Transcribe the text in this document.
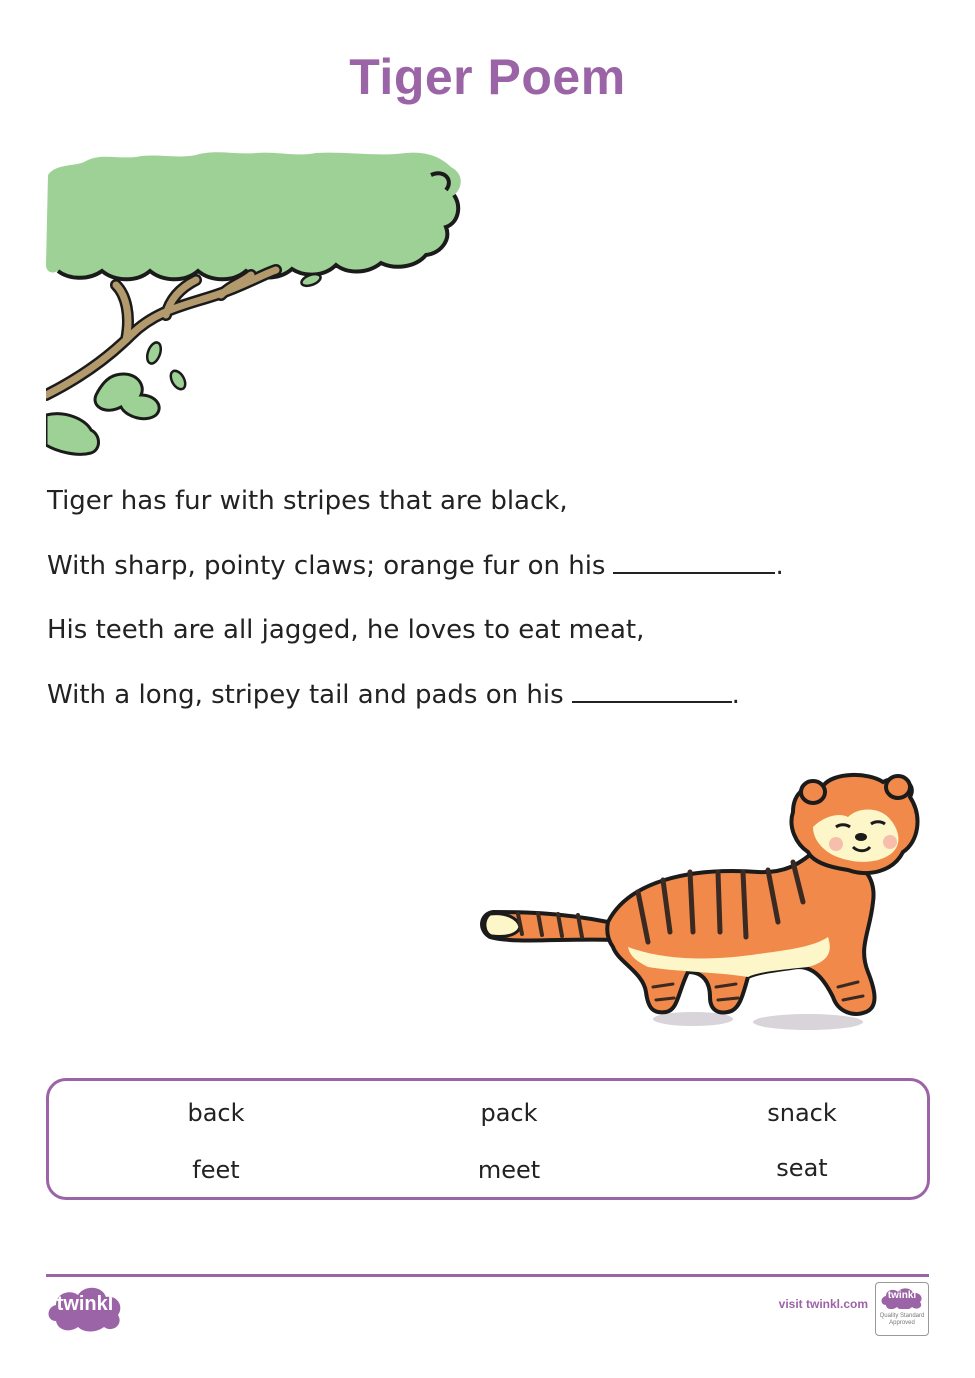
Tiger Poem
Tiger has fur with stripes that are black,
With sharp, pointy claws; orange fur on his	.
His teeth are all jagged, he loves to eat meat,
With a long, stripey tail and pads on his	.
back	pack	snack
feet	meet	seat
twinkl	visit twinkl.com
twinkl
Quality Standard
Approved
